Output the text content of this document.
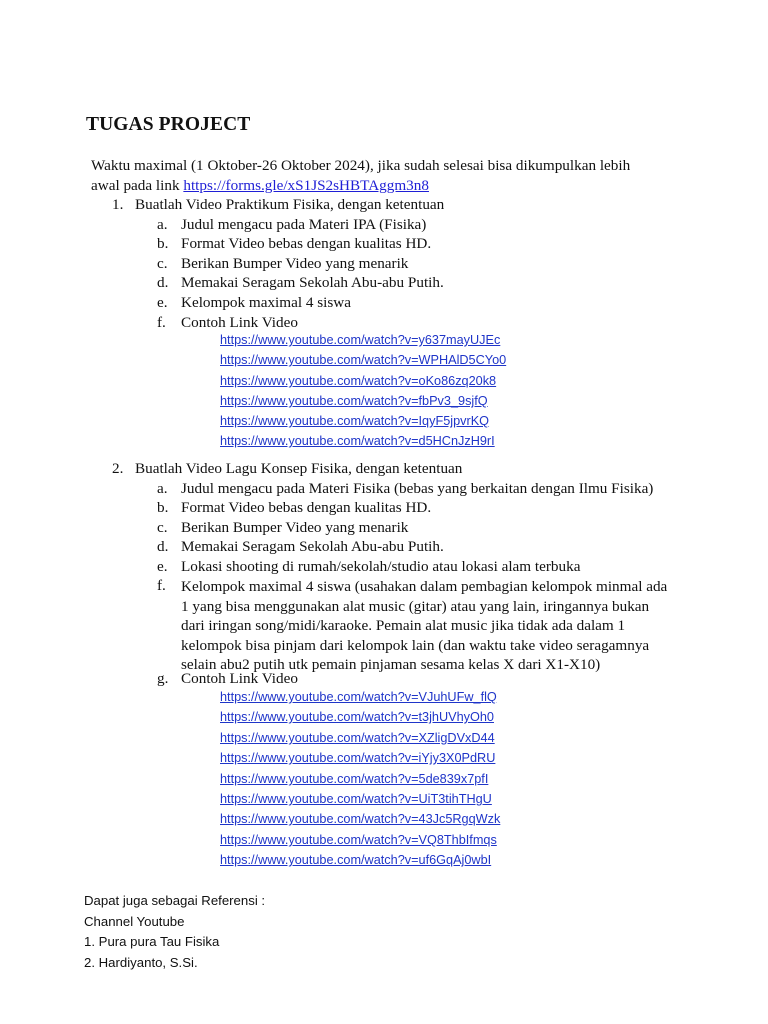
TUGAS PROJECT
Waktu maximal (1 Oktober-26 Oktober 2024), jika sudah selesai bisa dikumpulkan lebih
awal pada link https://forms.gle/xS1JS2sHBTAggm3n8
1. Buatlah Video Praktikum Fisika, dengan ketentuan
a. Judul mengacu pada Materi IPA (Fisika)
b. Format Video bebas dengan kualitas HD.
c. Berikan Bumper Video yang menarik
d. Memakai Seragam Sekolah Abu-abu Putih.
e. Kelompok maximal 4 siswa
f. Contoh Link Video
https://www.youtube.com/watch?v=y637mayUJEc
https://www.youtube.com/watch?v=WPHAlD5CYo0
https://www.youtube.com/watch?v=oKo86zq20k8
https://www.youtube.com/watch?v=fbPv3_9sjfQ
https://www.youtube.com/watch?v=IqyF5jpvrKQ
https://www.youtube.com/watch?v=d5HCnJzH9rI
2. Buatlah Video Lagu Konsep Fisika, dengan ketentuan
a. Judul mengacu pada Materi Fisika (bebas yang berkaitan dengan Ilmu Fisika)
b. Format Video bebas dengan kualitas HD.
c. Berikan Bumper Video yang menarik
d. Memakai Seragam Sekolah Abu-abu Putih.
e. Lokasi shooting di rumah/sekolah/studio atau lokasi alam terbuka
f. Kelompok maximal 4 siswa (usahakan dalam pembagian kelompok minmal ada
1 yang bisa menggunakan alat music (gitar) atau yang lain, iringannya bukan
dari iringan song/midi/karaoke. Pemain alat music jika tidak ada dalam 1
kelompok bisa pinjam dari kelompok lain (dan waktu take video seragamnya
selain abu2 putih utk pemain pinjaman sesama kelas X dari X1-X10)
g. Contoh Link Video
https://www.youtube.com/watch?v=VJuhUFw_flQ
https://www.youtube.com/watch?v=t3jhUVhyOh0
https://www.youtube.com/watch?v=XZligDVxD44
https://www.youtube.com/watch?v=iYjy3X0PdRU
https://www.youtube.com/watch?v=5de839x7pfI
https://www.youtube.com/watch?v=UiT3tihTHgU
https://www.youtube.com/watch?v=43Jc5RgqWzk
https://www.youtube.com/watch?v=VQ8ThbIfmqs
https://www.youtube.com/watch?v=uf6GqAj0wbI
Dapat juga sebagai Referensi :
Channel Youtube
1. Pura pura Tau Fisika
2. Hardiyanto, S.Si.
